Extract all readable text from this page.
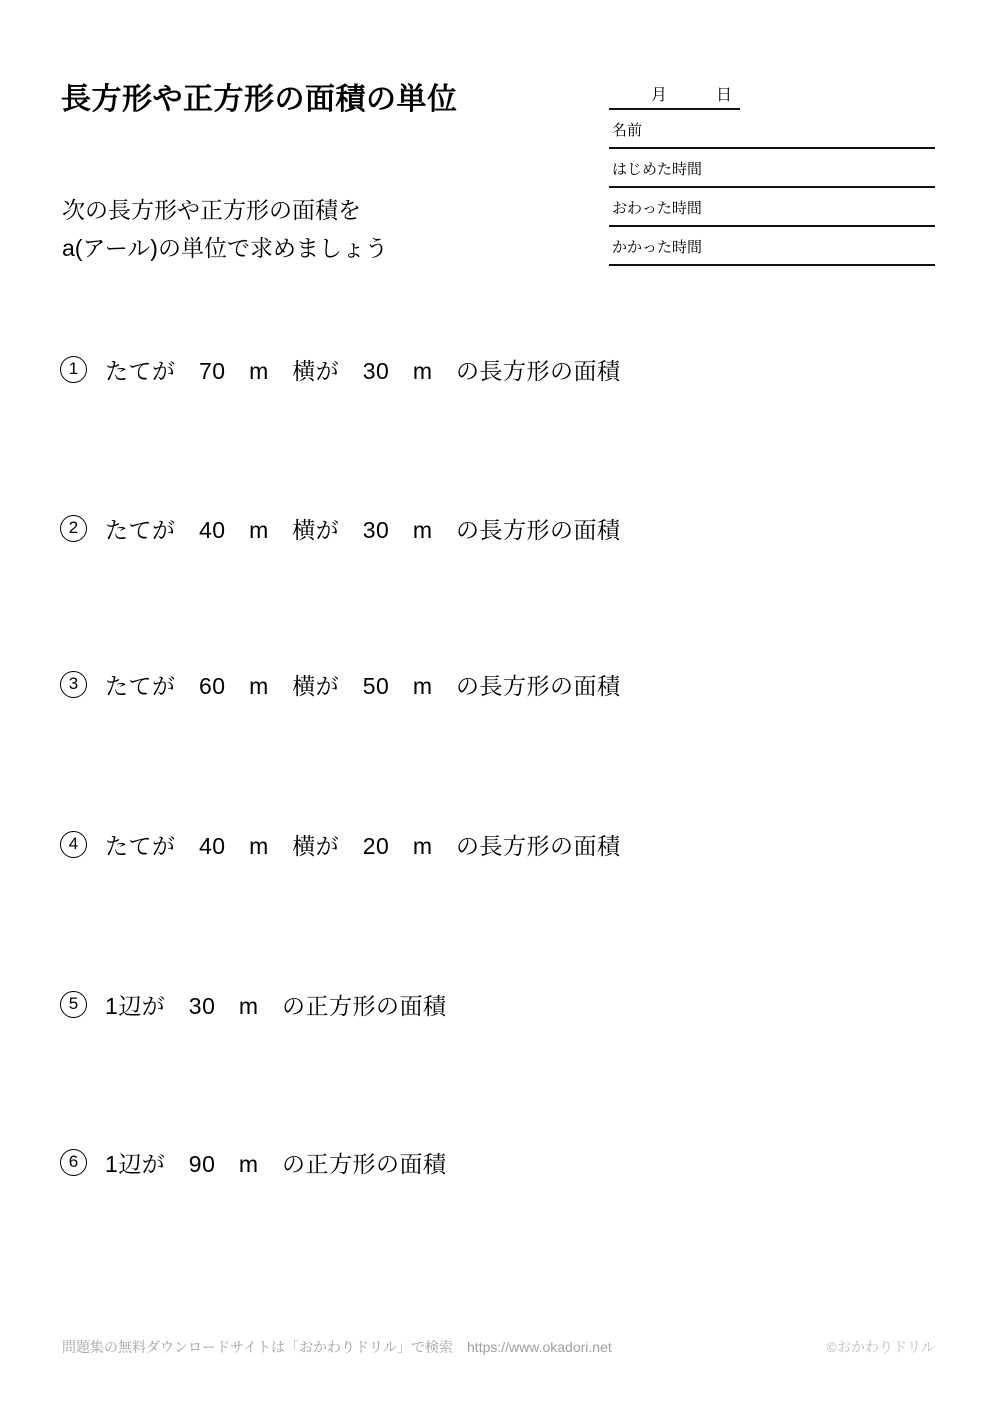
長方形や正方形の面積の単位	月	日
名前
はじめた時間
おわった時間
かかった時間
次の長方形や正方形の面積を
a(アール)の単位で求めましょう
1 たてが　70　m　横が　30　m　の長方形の面積
2 たてが　40　m　横が　30　m　の長方形の面積
3 たてが　60　m　横が　50　m　の長方形の面積
4 たてが　40　m　横が　20　m　の長方形の面積
5 1辺が　30　m　の正方形の面積
6 1辺が　90　m　の正方形の面積
問題集の無料ダウンロードサイトは「おかわりドリル」で検索　https://www.okadori.net	©おかわりドリル
